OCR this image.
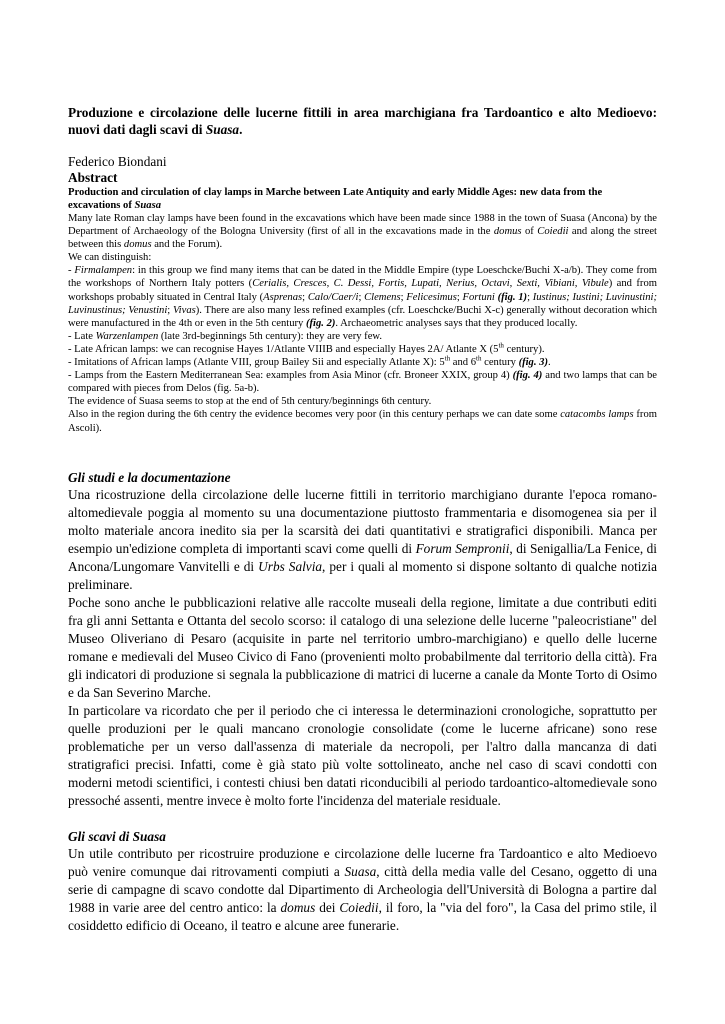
Produzione e circolazione delle lucerne fittili in area marchigiana fra Tardoantico e alto Medioevo: nuovi dati dagli scavi di Suasa.

Federico Biondani
Abstract
Production and circulation of clay lamps in Marche between Late Antiquity and early Middle Ages: new data from the excavations of Suasa

Many late Roman clay lamps have been found in the excavations which have been made since 1988 in the town of Suasa (Ancona) by the Department of Archaeology of the Bologna University (first of all in the excavations made in the domus of Coiedii and along the street between this domus and the Forum).

We can distinguish:

- Firmalampen: in this group we find many items that can be dated in the Middle Empire (type Loeschcke/Buchi X-a/b). They come from the workshops of Northern Italy potters (Cerialis, Cresces, C. Dessi, Fortis, Lupati, Nerius, Octavi, Sexti, Vibiani, Vibule) and from workshops probably situated in Central Italy (Asprenas; Calo/Caer/i; Clemens; Felicesimus; Fortuni (fig. 1); Iustinus; Iustini; Luvinustini; Luvinustinus; Venustini; Vivas). There are also many less refined examples (cfr. Loeschcke/Buchi X-c) generally without decoration which were manufactured in the 4th or even in the 5th century (fig. 2). Archaeometric analyses says that they produced locally.

- Late Warzenlampen (late 3rd-beginnings 5th century): they are very few.

- Late African lamps: we can recognise Hayes 1/Atlante VIIIB and especially Hayes 2A/ Atlante X (5th century).

- Imitations of African lamps (Atlante VIII, group Bailey Sii and especially Atlante X): 5th and 6th century (fig. 3).

- Lamps from the Eastern Mediterranean Sea: examples from Asia Minor (cfr. Broneer XXIX, group 4) (fig. 4) and two lamps that can be compared with pieces from Delos (fig. 5a-b).

The evidence of Suasa seems to stop at the end of 5th century/beginnings 6th century.

Also in the region during the 6th centry the evidence becomes very poor (in this century perhaps we can date some catacombs lamps from Ascoli).

Gli studi e la documentazione

Una ricostruzione della circolazione delle lucerne fittili in territorio marchigiano durante l'epoca romano-altomedievale poggia al momento su una documentazione piuttosto frammentaria e disomogenea sia per il molto materiale ancora inedito sia per la scarsità dei dati quantitativi e stratigrafici disponibili. Manca per esempio un'edizione completa di importanti scavi come quelli di Forum Sempronii, di Senigallia/La Fenice, di Ancona/Lungomare Vanvitelli e di Urbs Salvia, per i quali al momento si dispone soltanto di qualche notizia preliminare.

Poche sono anche le pubblicazioni relative alle raccolte museali della regione, limitate a due contributi editi fra gli anni Settanta e Ottanta del secolo scorso: il catalogo di una selezione delle lucerne "paleocristiane" del Museo Oliveriano di Pesaro (acquisite in parte nel territorio umbro-marchigiano) e quello delle lucerne romane e medievali del Museo Civico di Fano (provenienti molto probabilmente dal territorio della città). Fra gli indicatori di produzione si segnala la pubblicazione di matrici di lucerne a canale da Monte Torto di Osimo e da San Severino Marche.

In particolare va ricordato che per il periodo che ci interessa le determinazioni cronologiche, soprattutto per quelle produzioni per le quali mancano cronologie consolidate (come le lucerne africane) sono rese problematiche per un verso dall'assenza di materiale da necropoli, per l'altro dalla mancanza di dati stratigrafici precisi. Infatti, come è già stato più volte sottolineato, anche nel caso di scavi condotti con moderni metodi scientifici, i contesti chiusi ben datati riconducibili al periodo tardoantico-altomedievale sono pressoché assenti, mentre invece è molto forte l'incidenza del materiale residuale.

Gli scavi di Suasa

Un utile contributo per ricostruire produzione e circolazione delle lucerne fra Tardoantico e alto Medioevo può venire comunque dai ritrovamenti compiuti a Suasa, città della media valle del Cesano, oggetto di una serie di campagne di scavo condotte dal Dipartimento di Archeologia dell'Università di Bologna a partire dal 1988 in varie aree del centro antico: la domus dei Coiedii, il foro, la "via del foro", la Casa del primo stile, il cosiddetto edificio di Oceano, il teatro e alcune aree funerarie.
